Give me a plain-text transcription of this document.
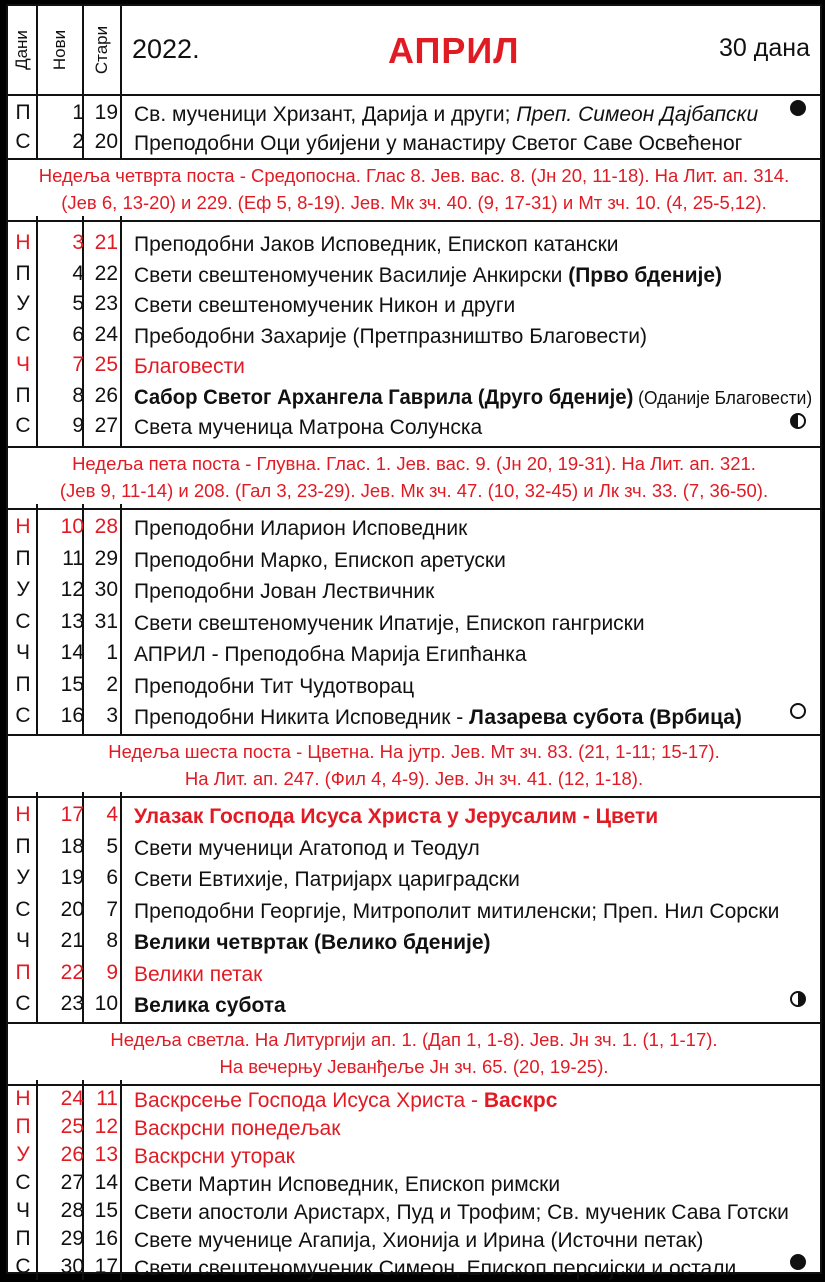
Дани Нови Стари 2022.	АПРИЛ	30 дана
П	1 19 Св. мученици Хризант, Дарија и други; Преп. Симеон Дајбапски
С	2 20 Преподобни Оци убијени у манастиру Светог Саве Освећеног
Недеља четврта поста - Средопосна. Глас 8. Јев. вас. 8. (Јн 20, 11-18). На Лит. ап. 314.
(Јев 6, 13-20) и 229. (Еф 5, 8-19). Јев. Мк зч. 40. (9, 17-31) и Мт зч. 10. (4, 25-5,12).
Н	3 21 Преподобни Јаков Исповедник, Епископ катански
П	4 22 Свети свештеномученик Василије Анкирски (Прво бденије)
У	5 23 Свети свештеномученик Никон и други
С	6 24 Пребодобни Захарије (Претпразништво Благовести)
Ч	7 25 Благовести
П	8 26 Сабор Светог Архангела Гаврила (Друго бденије) (Оданије Благовести)
С	9 27 Света мученица Матрона Солунска
Недеља пета поста - Глувна. Глас. 1. Јев. вас. 9. (Јн 20, 19-31). На Лит. ап. 321.
(Јев 9, 11-14) и 208. (Гал 3, 23-29). Јев. Мк зч. 47. (10, 32-45) и Лк зч. 33. (7, 36-50).
Н	10 28 Преподобни Иларион Исповедник
П	11 29 Преподобни Марко, Епископ аретуски
У	12 30 Преподобни Јован Лествичник
С	13 31 Свети свештеномученик Ипатије, Епископ гангриски
Ч	14	1 АПРИЛ - Преподобна Марија Египћанка
П	15	2 Преподобни Тит Чудотворац
С	16	3 Преподобни Никита Исповедник - Лазарева субота (Врбица)
Недеља шеста поста - Цветна. На јутр. Јев. Мт зч. 83. (21, 1-11; 15-17).
На Лит. ап. 247. (Фил 4, 4-9). Јев. Јн зч. 41. (12, 1-18).
Н	17	4 Улазак Господа Исуса Христа у Јерусалим - Цвети
П	18	5 Свети мученици Агатопод и Теодул
У	19	6 Свети Евтихије, Патријарх цариградски
С	20	7 Преподобни Георгије, Митрополит митиленски; Преп. Нил Сорски
Ч	21	8 Велики четвртак (Велико бденије)
П	22	9 Велики петак
С	23 10 Велика субота
Недеља светла. На Литургији ап. 1. (Дап 1, 1-8). Јев. Јн зч. 1. (1, 1-17).
На вечерњу Јеванђеље Јн зч. 65. (20, 19-25).
Н	24 11 Васкрсење Господа Исуса Христа - Васкрс
П	25 12 Васкрсни понедељак
У	26 13 Васкрсни уторак
С	27 14 Свети Мартин Исповедник, Епископ римски
Ч	28 15 Свети апостоли Аристарх, Пуд и Трофим; Св. мученик Сава Готски
П	29 16 Свете мученице Агапија, Хионија и Ирина (Источни петак)
С	30 17 Свети свештеномученик Симеон, Епископ персијски и остали
